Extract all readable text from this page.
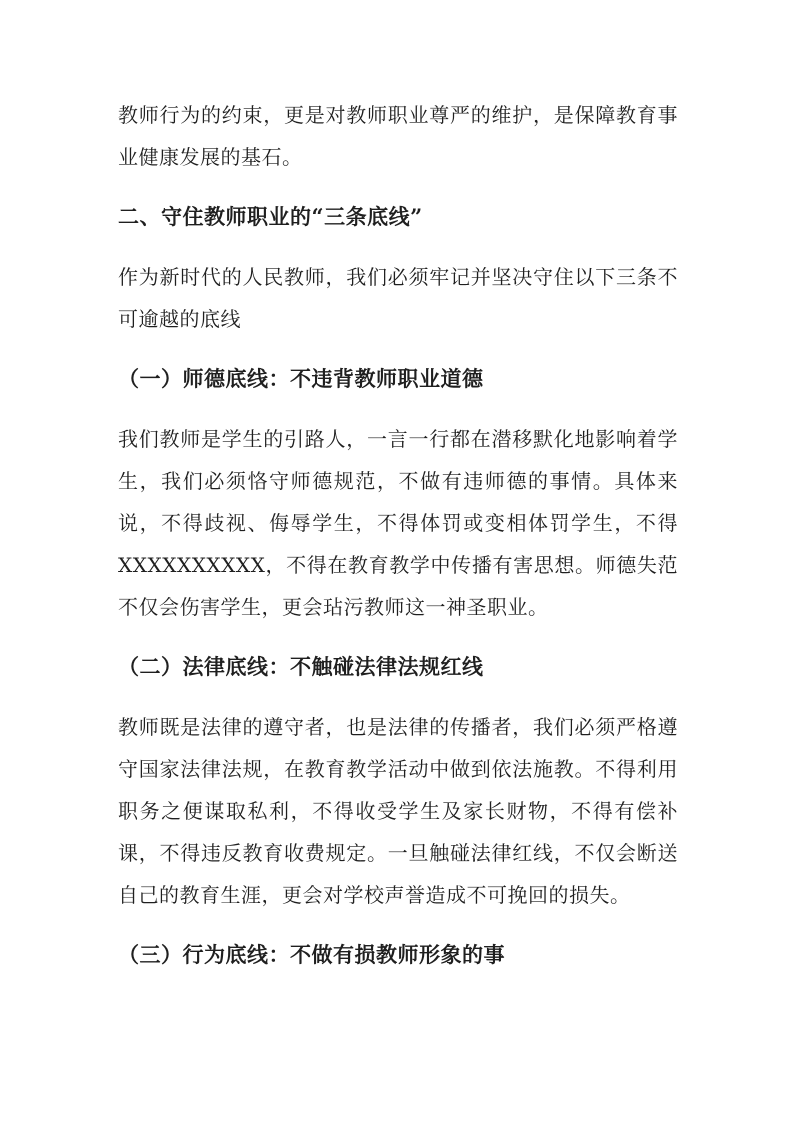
教师行为的约束，更是对教师职业尊严的维护，是保障教育事业健康发展的基石。

二、守住教师职业的“三条底线”

作为新时代的人民教师，我们必须牢记并坚决守住以下三条不可逾越的底线

（一）师德底线：不违背教师职业道德

我们教师是学生的引路人，一言一行都在潜移默化地影响着学生，我们必须恪守师德规范，不做有违师德的事情。具体来说，不得歧视、侮辱学生，不得体罚或变相体罚学生，不得 XXXXXXXXXX，不得在教育教学中传播有害思想。师德失范不仅会伤害学生，更会玷污教师这一神圣职业。

（二）法律底线：不触碰法律法规红线

教师既是法律的遵守者，也是法律的传播者，我们必须严格遵守国家法律法规，在教育教学活动中做到依法施教。不得利用职务之便谋取私利，不得收受学生及家长财物，不得有偿补课，不得违反教育收费规定。一旦触碰法律红线，不仅会断送自己的教育生涯，更会对学校声誉造成不可挽回的损失。

（三）行为底线：不做有损教师形象的事
